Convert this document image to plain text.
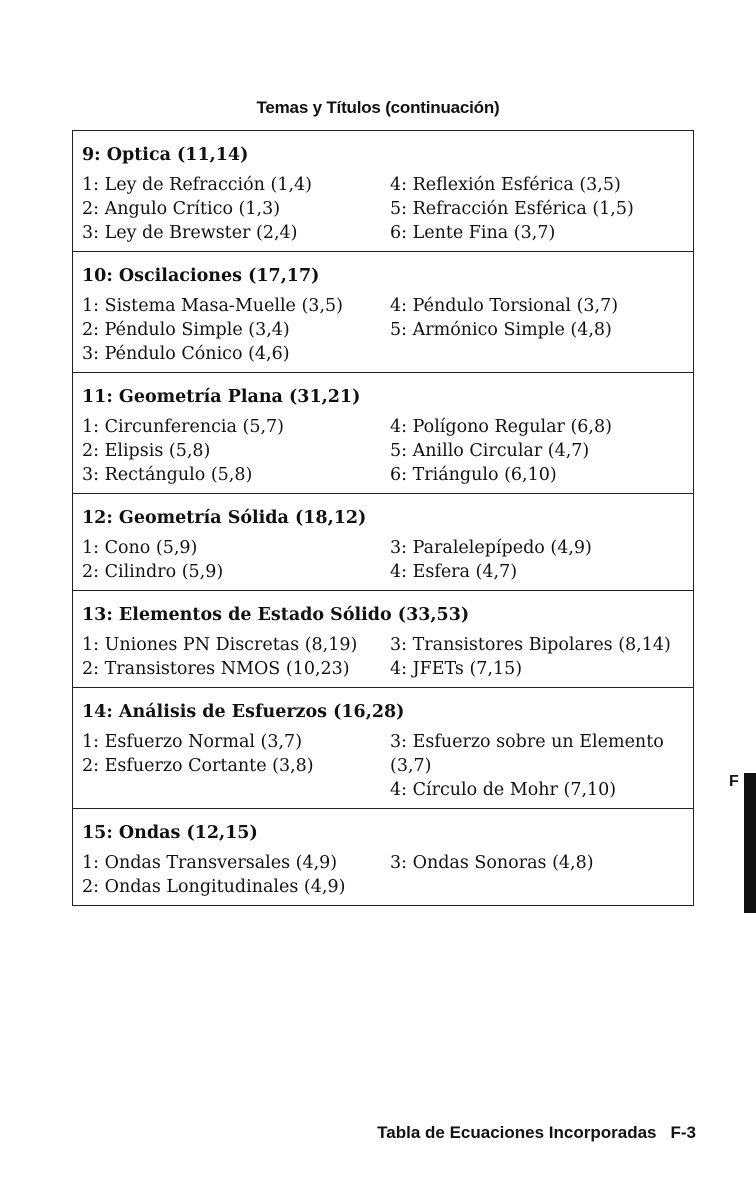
Temas y Títulos (continuación)
9: Optica (11,14)
1: Ley de Refracción (1,4)
2: Angulo Crítico (1,3)
3: Ley de Brewster (2,4)
4: Reflexión Esférica (3,5)
5: Refracción Esférica (1,5)
6: Lente Fina (3,7)
10: Oscilaciones (17,17)
1: Sistema Masa-Muelle (3,5)
2: Péndulo Simple (3,4)
3: Péndulo Cónico (4,6)
4: Péndulo Torsional (3,7)
5: Armónico Simple (4,8)
11: Geometría Plana (31,21)
1: Circunferencia (5,7)
2: Elipsis (5,8)
3: Rectángulo (5,8)
4: Polígono Regular (6,8)
5: Anillo Circular (4,7)
6: Triángulo (6,10)
12: Geometría Sólida (18,12)
1: Cono (5,9)
2: Cilindro (5,9)
3: Paralelepípedo (4,9)
4: Esfera (4,7)
13: Elementos de Estado Sólido (33,53)
1: Uniones PN Discretas (8,19)
2: Transistores NMOS (10,23)
3: Transistores Bipolares (8,14)
4: JFETs (7,15)
14: Análisis de Esfuerzos (16,28)
1: Esfuerzo Normal (3,7)
2: Esfuerzo Cortante (3,8)
3: Esfuerzo sobre un Elemento (3,7)
4: Círculo de Mohr (7,10)
15: Ondas (12,15)
1: Ondas Transversales (4,9)
2: Ondas Longitudinales (4,9)
3: Ondas Sonoras (4,8)
F
Tabla de Ecuaciones Incorporadas F-3
